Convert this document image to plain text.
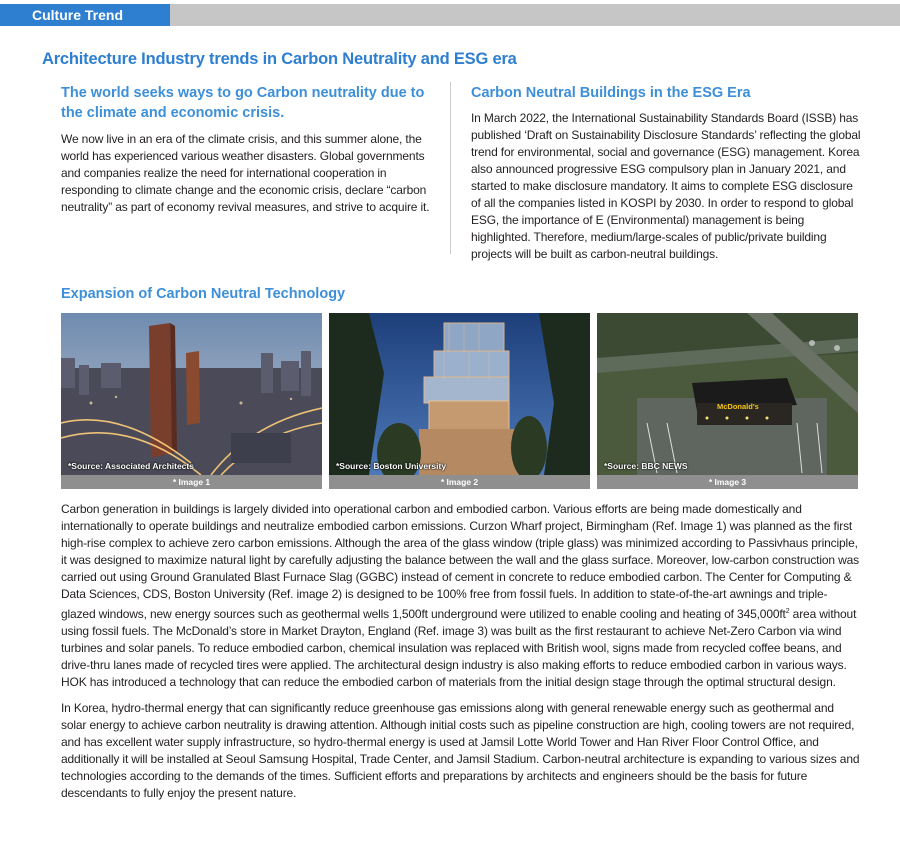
Culture Trend
Architecture Industry trends in Carbon Neutrality and ESG era
The world seeks ways to go Carbon neutrality due to the climate and economic crisis.

We now live in an era of the climate crisis, and this summer alone, the world has experienced various weather disasters. Global governments and companies realize the need for international cooperation in responding to climate change and the economic crisis, declare “carbon neutrality” as part of economy revival measures, and strive to acquire it.

Carbon Neutral Buildings in the ESG Era

In March 2022, the International Sustainability Standards Board (ISSB) has published ‘Draft on Sustainability Disclosure Standards’ reflecting the global trend for environmental, social and governance (ESG) management. Korea also announced progressive ESG compulsory plan in January 2021, and started to make disclosure mandatory. It aims to complete ESG disclosure of all the companies listed in KOSPI by 2030. In order to respond to global ESG, the importance of E (Environmental) management is being highlighted. Therefore, medium/large-scales of public/private building projects will be built as carbon-neutral buildings.

Expansion of Carbon Neutral Technology
*Source: Associated Architects
* Image 1
*Source: Boston University
* Image 2
McDonald's
*Source: BBC NEWS
* Image 3

Carbon generation in buildings is largely divided into operational carbon and embodied carbon. Various efforts are being made domestically and internationally to operate buildings and neutralize embodied carbon emissions. Curzon Wharf project, Birmingham (Ref. Image 1) was planned as the first high-rise complex to achieve zero carbon emissions. Although the area of the glass window (triple glass) was minimized according to Passivhaus principle, it was designed to maximize natural light by carefully adjusting the balance between the wall and the glass surface. Moreover, low-carbon construction was carried out using Ground Granulated Blast Furnace Slag (GGBC) instead of cement in concrete to reduce embodied carbon. The Center for Computing & Data Sciences, CDS, Boston University (Ref. image 2) is designed to be 100% free from fossil fuels. In addition to state-of-the-art awnings and triple-glazed windows, new energy sources such as geothermal wells 1,500ft underground were utilized to enable cooling and heating of $345,000ft^2$ area without using fossil fuels. The McDonald’s store in Market Drayton, England (Ref. image 3) was built as the first restaurant to achieve Net-Zero Carbon via wind turbines and solar panels. To reduce embodied carbon, chemical insulation was replaced with British wool, signs made from recycled coffee beans, and drive-thru lanes made of recycled tires were applied. The architectural design industry is also making efforts to reduce embodied carbon in various ways. HOK has introduced a technology that can reduce the embodied carbon of materials from the initial design stage through the optimal structural design.

In Korea, hydro-thermal energy that can significantly reduce greenhouse gas emissions along with general renewable energy such as geothermal and solar energy to achieve carbon neutrality is drawing attention. Although initial costs such as pipeline construction are high, cooling towers are not required, and has excellent water supply infrastructure, so hydro-thermal energy is used at Jamsil Lotte World Tower and Han River Floor Control Office, and additionally it will be installed at Seoul Samsung Hospital, Trade Center, and Jamsil Stadium. Carbon-neutral architecture is expanding to various sizes and technologies according to the demands of the times. Sufficient efforts and preparations by architects and engineers should be the basis for future descendants to fully enjoy the present nature.
